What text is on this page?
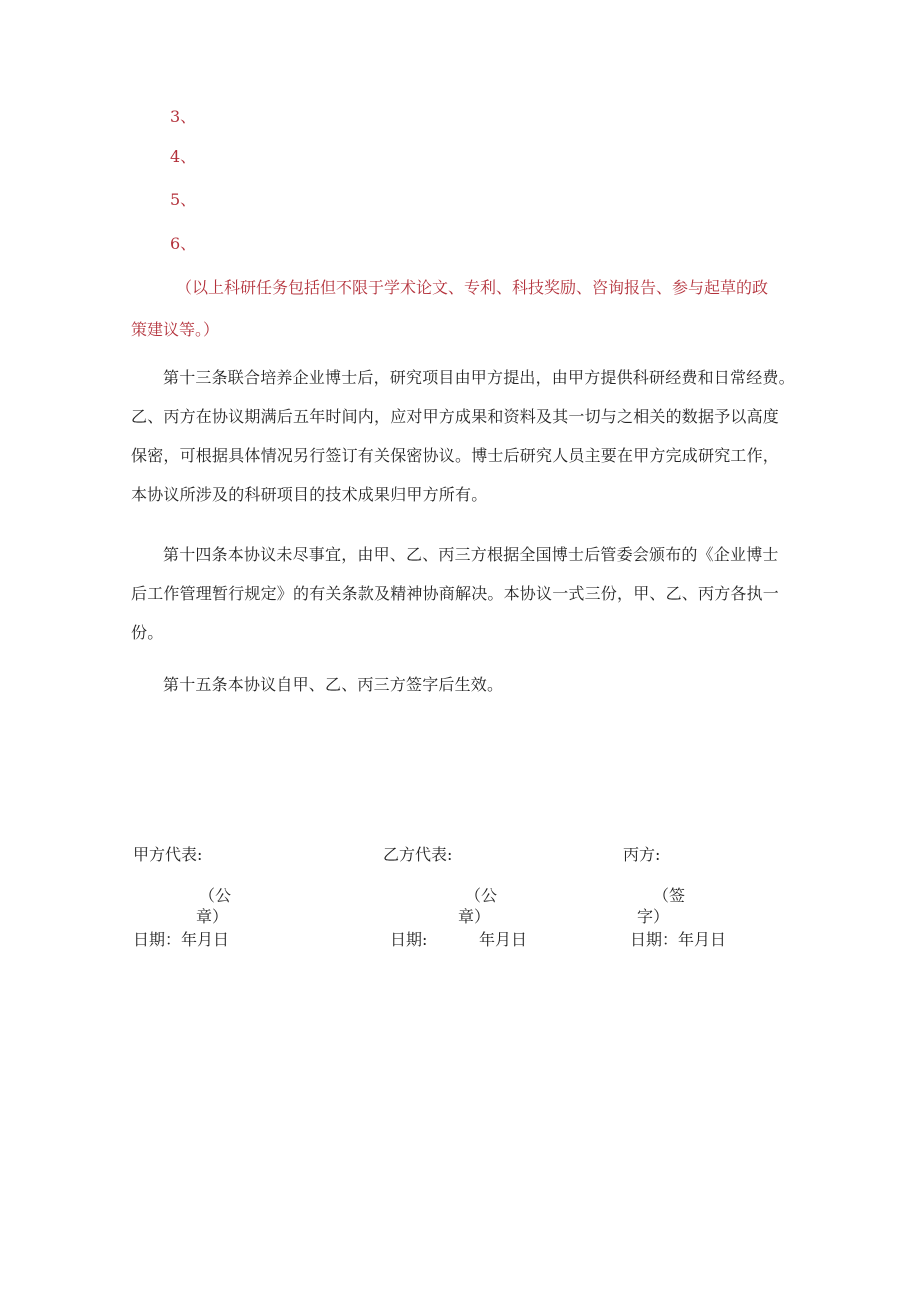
3、
4、
5、
6、
（以上科研任务包括但不限于学术论文、专利、科技奖励、咨询报告、参与起草的政
策建议等。）

第十三条联合培养企业博士后，研究项目由甲方提出，由甲方提供科研经费和日常经费。

乙、丙方在协议期满后五年时间内，应对甲方成果和资料及其一切与之相关的数据予以高度

保密，可根据具体情况另行签订有关保密协议。博士后研究人员主要在甲方完成研究工作，

本协议所涉及的科研项目的技术成果归甲方所有。

第十四条本协议未尽事宜，由甲、乙、丙三方根据全国博士后管委会颁布的《企业博士

后工作管理暂行规定》的有关条款及精神协商解决。本协议一式三份，甲、乙、丙方各执一

份。

第十五条本协议自甲、乙、丙三方签字后生效。

甲方代表:
（公
章）
日期：年月日
乙方代表:
（公
章）
日期:	年月日
丙方:
（签
字）
日期：年月日
